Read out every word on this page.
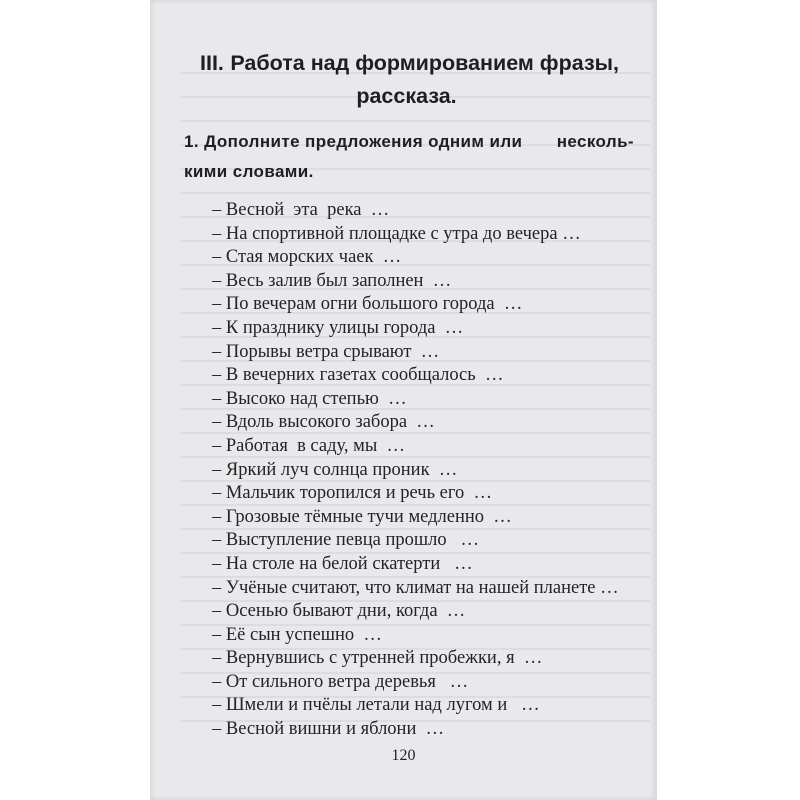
III. Работа над формированием фразы,
рассказа.
1. Дополните предложения одним или несколь-
кими словами.
– Весной  эта  река  …
– На спортивной площадке с утра до вечера …
– Стая морских чаек  …
– Весь залив был заполнен  …
– По вечерам огни большого города  …
– К празднику улицы города  …
– Порывы ветра срывают  …
– В вечерних газетах сообщалось  …
– Высоко над степью  …
– Вдоль высокого забора  …
– Работая  в саду, мы  …
– Яркий луч солнца проник  …
– Мальчик торопился и речь его  …
– Грозовые тёмные тучи медленно  …
– Выступление певца прошло   …
– На столе на белой скатерти   …
– Учёные считают, что климат на нашей планете …
– Осенью бывают дни, когда  …
– Её сын успешно  …
– Вернувшись с утренней пробежки, я  …
– От сильного ветра деревья   …
– Шмели и пчёлы летали над лугом и   …
– Весной вишни и яблони  …
120
